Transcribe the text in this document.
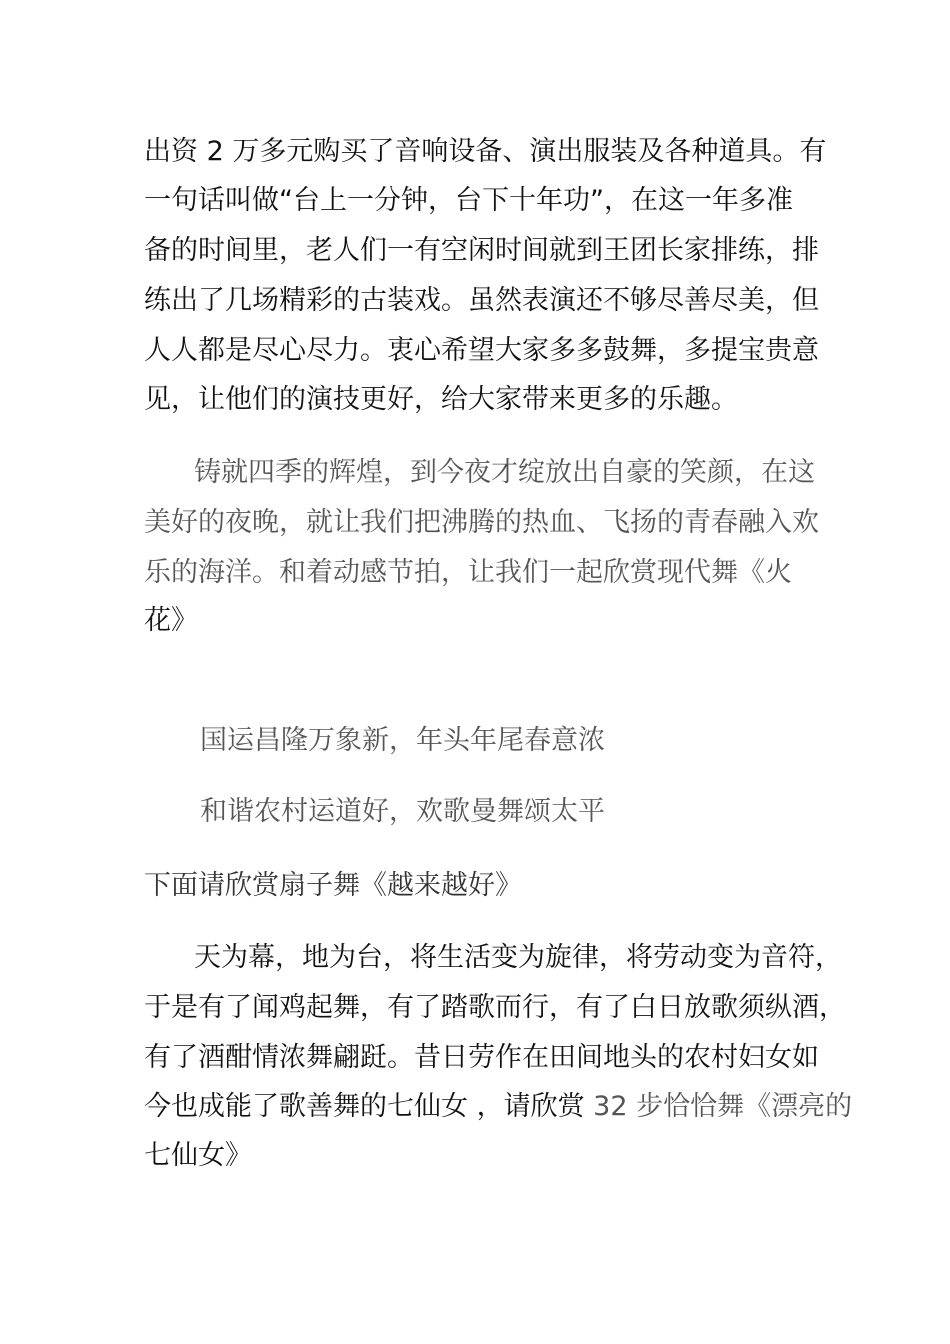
出资 2 万多元购买了音响设备、演出服装及各种道具。有
一句话叫做“台上一分钟，台下十年功”，在这一年多准
备的时间里，老人们一有空闲时间就到王团长家排练，排
练出了几场精彩的古装戏。虽然表演还不够尽善尽美，但
人人都是尽心尽力。衷心希望大家多多鼓舞，多提宝贵意
见，让他们的演技更好，给大家带来更多的乐趣。
铸就四季的辉煌，到今夜才绽放出自豪的笑颜，在这
美好的夜晚，就让我们把沸腾的热血、飞扬的青春融入欢
乐的海洋。和着动感节拍，让我们一起欣赏现代舞《火
花》
国运昌隆万象新，年头年尾春意浓
和谐农村运道好，欢歌曼舞颂太平
下面请欣赏扇子舞《越来越好》
天为幕，地为台，将生活变为旋律，将劳动变为音符，
于是有了闻鸡起舞，有了踏歌而行，有了白日放歌须纵酒，
有了酒酣情浓舞翩跹。昔日劳作在田间地头的农村妇女如
今也成能了歌善舞的七仙女 ，请欣赏 32 步恰恰舞《漂亮的
七仙女》
